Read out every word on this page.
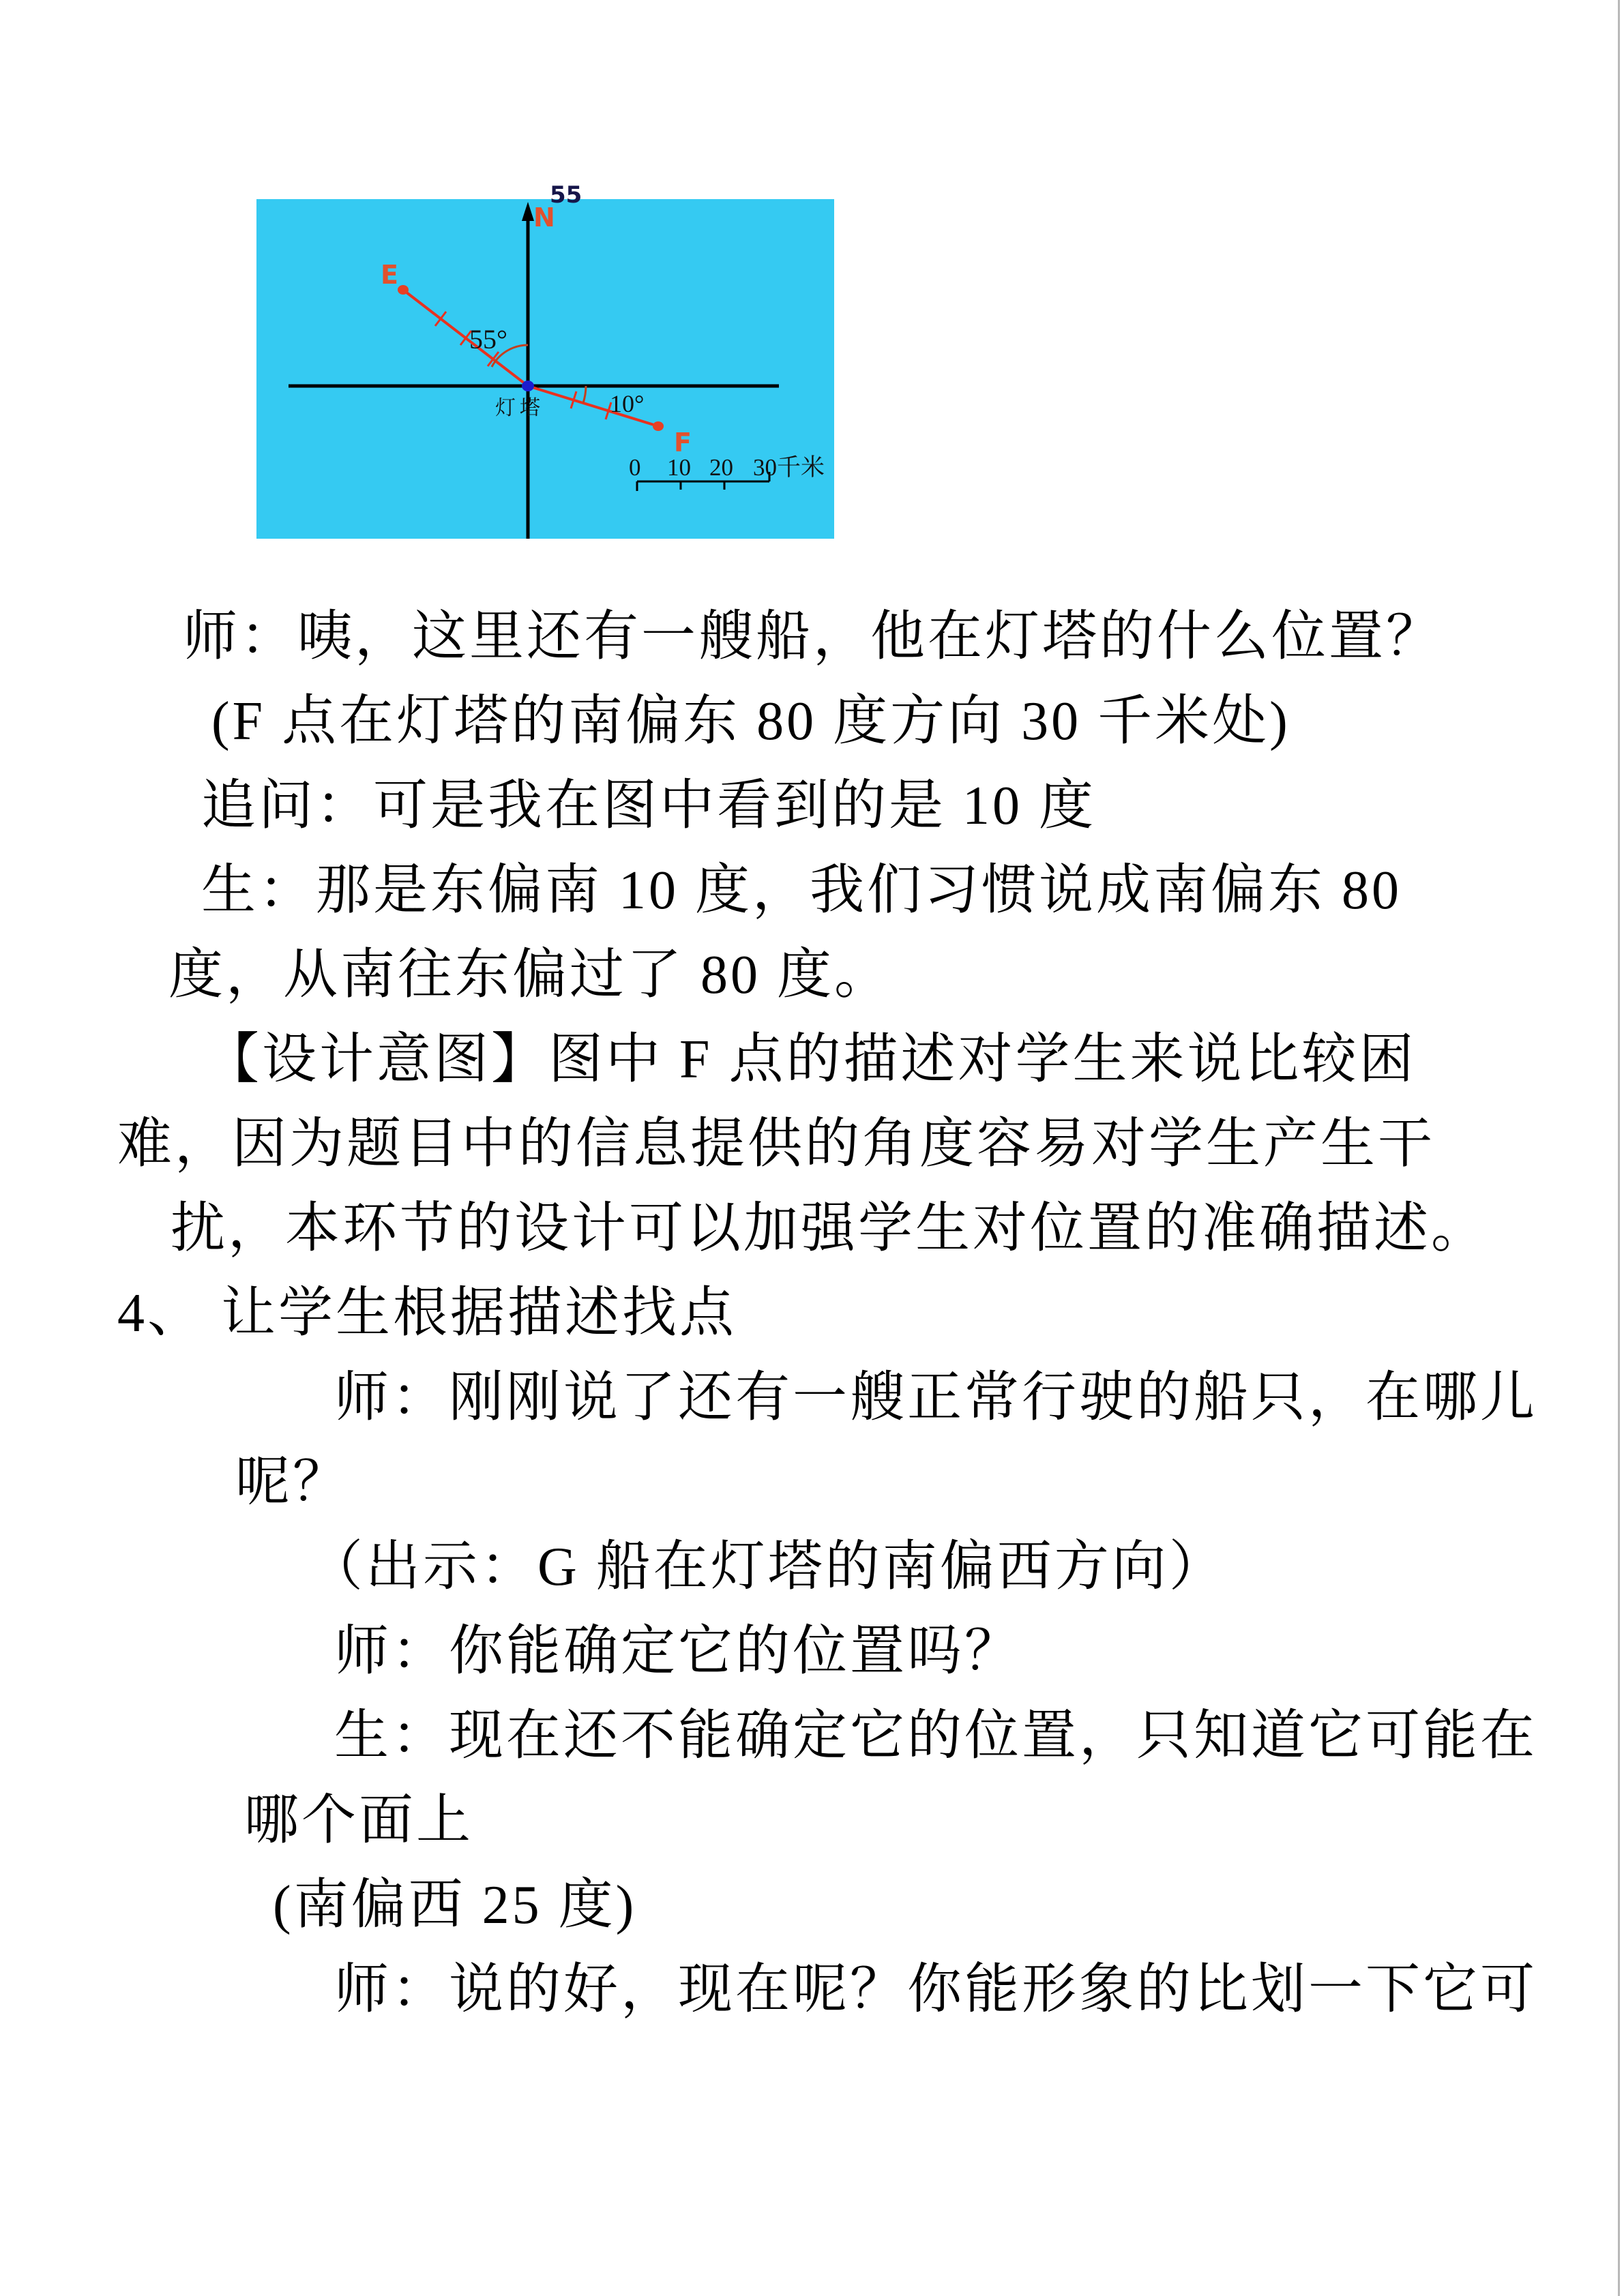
55
N
E
F
55°
10°
灯塔
0 10 20 30千米
师：咦，这里还有一艘船，他在灯塔的什么位置？
(F 点在灯塔的南偏东 80 度方向 30 千米处)
追问：可是我在图中看到的是 10 度
生：那是东偏南 10 度，我们习惯说成南偏东 80
度，从南往东偏过了 80 度。
【设计意图】图中 F 点的描述对学生来说比较困
难，因为题目中的信息提供的角度容易对学生产生干
扰，本环节的设计可以加强学生对位置的准确描述。
4、 让学生根据描述找点
师：刚刚说了还有一艘正常行驶的船只，在哪儿
呢？
（出示：G 船在灯塔的南偏西方向）
师：你能确定它的位置吗？
生：现在还不能确定它的位置，只知道它可能在
哪个面上
(南偏西 25 度)
师：说的好，现在呢？你能形象的比划一下它可
